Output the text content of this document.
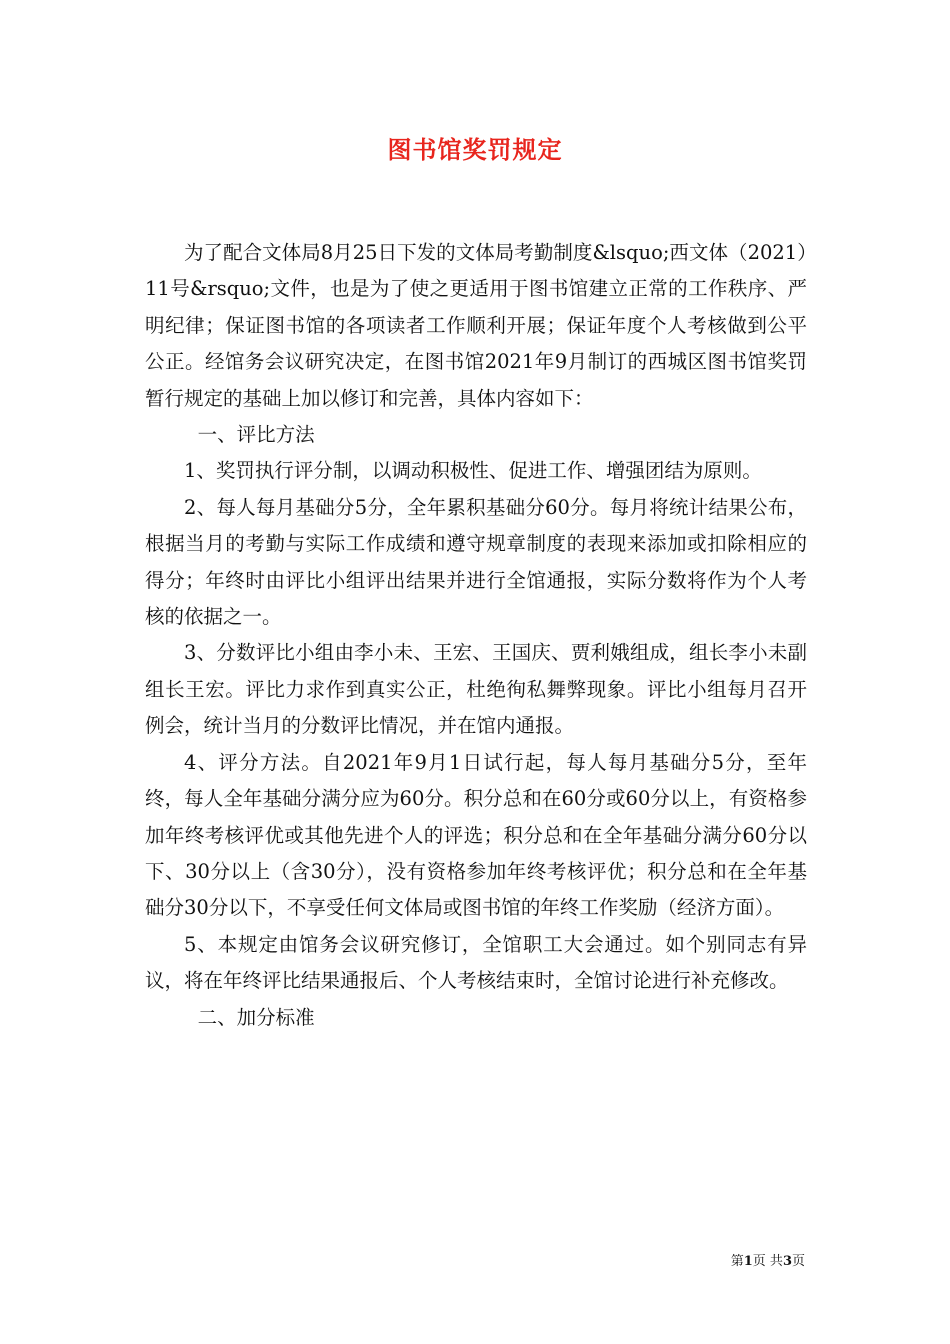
图书馆奖罚规定

为了配合文体局8月25日下发的文体局考勤制度&lsquo;西文体（2021）11号&rsquo;文件，也是为了使之更适用于图书馆建立正常的工作秩序、严明纪律；保证图书馆的各项读者工作顺利开展；保证年度个人考核做到公平公正。经馆务会议研究决定，在图书馆2021年9月制订的西城区图书馆奖罚暂行规定的基础上加以修订和完善，具体内容如下：

一、评比方法

1、奖罚执行评分制，以调动积极性、促进工作、增强团结为原则。

2、每人每月基础分5分，全年累积基础分60分。每月将统计结果公布，根据当月的考勤与实际工作成绩和遵守规章制度的表现来添加或扣除相应的得分；年终时由评比小组评出结果并进行全馆通报，实际分数将作为个人考核的依据之一。

3、分数评比小组由李小未、王宏、王国庆、贾利娥组成，组长李小未副组长王宏。评比力求作到真实公正，杜绝徇私舞弊现象。评比小组每月召开例会，统计当月的分数评比情况，并在馆内通报。

4、评分方法。自2021年9月1日试行起，每人每月基础分5分，至年终，每人全年基础分满分应为60分。积分总和在60分或60分以上，有资格参加年终考核评优或其他先进个人的评选；积分总和在全年基础分满分60分以下、30分以上（含30分），没有资格参加年终考核评优；积分总和在全年基础分30分以下，不享受任何文体局或图书馆的年终工作奖励（经济方面）。

5、本规定由馆务会议研究修订，全馆职工大会通过。如个别同志有异议，将在年终评比结果通报后、个人考核结束时，全馆讨论进行补充修改。

二、加分标准

第1页 共3页
